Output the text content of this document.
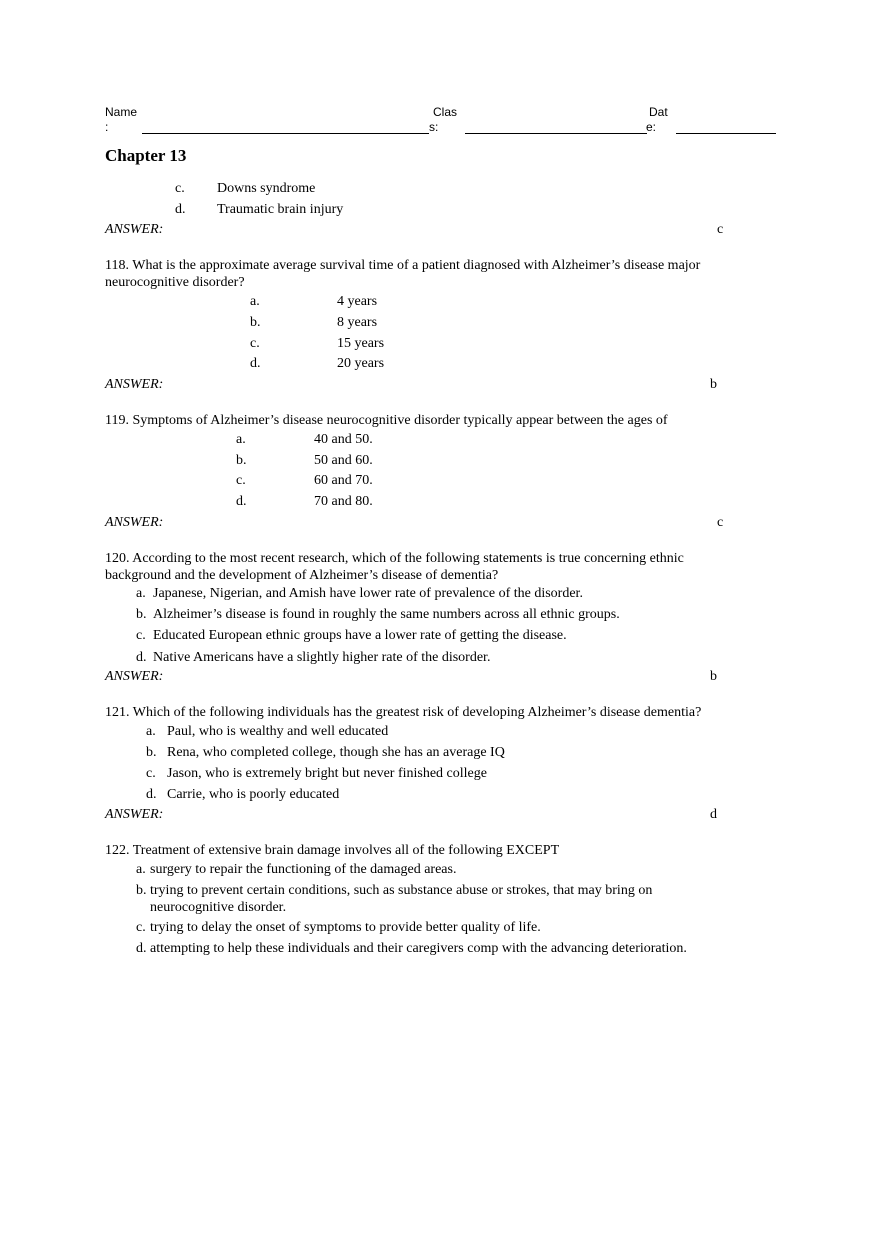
Name
:
Clas
s:
Dat
e:
Chapter 13
c. Downs syndrome
d. Traumatic brain injury
ANSWER:	c
118. What is the approximate average survival time of a patient diagnosed with Alzheimer’s disease major
neurocognitive disorder?
a.	4 years
b.	8 years
c.	15 years
d.	20 years
ANSWER:	b
119. Symptoms of Alzheimer’s disease neurocognitive disorder typically appear between the ages of
a.	40 and 50.
b.	50 and 60.
c.	60 and 70.
d.	70 and 80.
ANSWER:	c
120. According to the most recent research, which of the following statements is true concerning ethnic
background and the development of Alzheimer’s disease of dementia?
a. Japanese, Nigerian, and Amish have lower rate of prevalence of the disorder.
b. Alzheimer’s disease is found in roughly the same numbers across all ethnic groups.
c. Educated European ethnic groups have a lower rate of getting the disease.
d. Native Americans have a slightly higher rate of the disorder.
ANSWER:	b
121. Which of the following individuals has the greatest risk of developing Alzheimer’s disease dementia?
a. Paul, who is wealthy and well educated
b. Rena, who completed college, though she has an average IQ
c. Jason, who is extremely bright but never finished college
d. Carrie, who is poorly educated
ANSWER:	d
122. Treatment of extensive brain damage involves all of the following EXCEPT
a. surgery to repair the functioning of the damaged areas.
b. trying to prevent certain conditions, such as substance abuse or strokes, that may bring on
neurocognitive disorder.
c. trying to delay the onset of symptoms to provide better quality of life.
d. attempting to help these individuals and their caregivers comp with the advancing deterioration.
